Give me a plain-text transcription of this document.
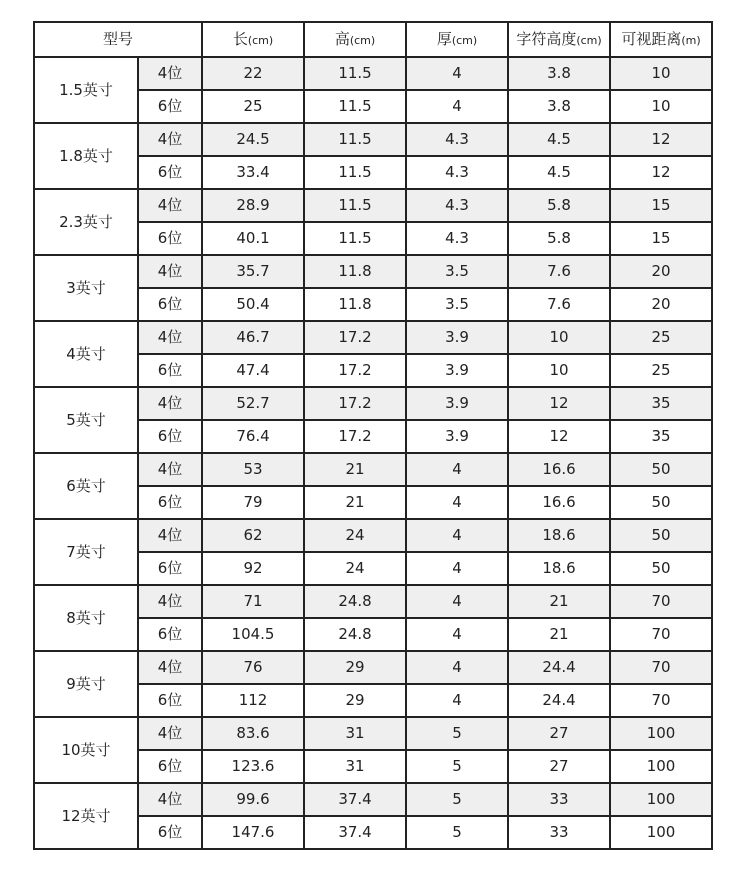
型号		长(cm)	高(cm)	厚(cm)	字符高度(cm)	可视距离(m)
1.5英寸	4位	22	11.5	4	3.8	10
	6位	25	11.5	4	3.8	10
1.8英寸	4位	24.5	11.5	4.3	4.5	12
	6位	33.4	11.5	4.3	4.5	12
2.3英寸	4位	28.9	11.5	4.3	5.8	15
	6位	40.1	11.5	4.3	5.8	15
3英寸	4位	35.7	11.8	3.5	7.6	20
	6位	50.4	11.8	3.5	7.6	20
4英寸	4位	46.7	17.2	3.9	10	25
	6位	47.4	17.2	3.9	10	25
5英寸	4位	52.7	17.2	3.9	12	35
	6位	76.4	17.2	3.9	12	35
6英寸	4位	53	21	4	16.6	50
	6位	79	21	4	16.6	50
7英寸	4位	62	24	4	18.6	50
	6位	92	24	4	18.6	50
8英寸	4位	71	24.8	4	21	70
	6位	104.5	24.8	4	21	70
9英寸	4位	76	29	4	24.4	70
	6位	112	29	4	24.4	70
10英寸	4位	83.6	31	5	27	100
	6位	123.6	31	5	27	100
12英寸	4位	99.6	37.4	5	33	100
	6位	147.6	37.4	5	33	100
